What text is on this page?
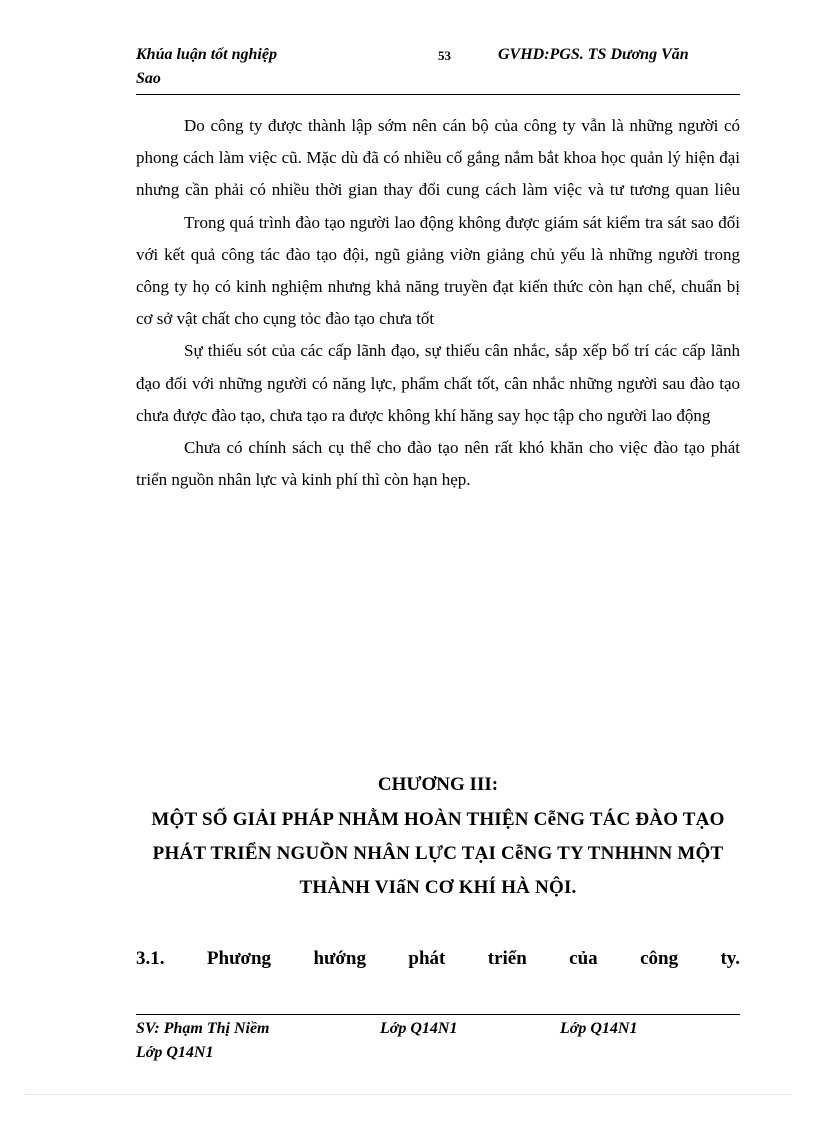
Khúa luận tốt nghiệp	53	GVHD:PGS. TS Dương Văn
Sao

Do công ty được thành lập sớm nên cán bộ của công ty vẫn là những người có phong cách làm việc cũ. Mặc dù đã có nhiều cố gắng nắm bắt khoa học quản lý hiện đại nhưng cần phải có nhiều thời gian thay đổi cung cách làm việc và tư tương quan liêu

Trong quá trình đào tạo người lao động không được giám sát kiểm tra sát sao đối với kết quả công tác đào tạo đội, ngũ giảng viờn giảng chủ yếu là những người trong công ty họ có kinh nghiệm nhưng khả năng truyền đạt kiến thức còn hạn chế, chuẩn bị cơ sở vật chất cho cụng tỏc đào tạo chưa tốt

Sự thiếu sót của các cấp lãnh đạo, sự thiếu cân nhắc, sắp xếp bố trí các cấp lãnh đạo đối với những người có năng lực, phẩm chất tốt, cân nhắc những người sau đào tạo chưa được đào tạo, chưa tạo ra được không khí hăng say học tập cho người lao động

Chưa có chính sách cụ thể cho đào tạo nên rất khó khăn cho việc đào tạo phát triển nguồn nhân lực và kinh phí thì còn hạn hẹp.

CHƯƠNG III:
MỘT SỐ GIẢI PHÁP NHẰM HOÀN THIỆN CễNG TÁC ĐÀO TẠO PHÁT TRIỂN NGUỒN NHÂN LỰC TẠI CễNG TY TNHHNN MỘT THÀNH VIấN CƠ KHÍ HÀ NỘI.
3.1. Phương hướng phát triển của công ty.
SV: Phạm Thị Niềm	Lớp Q14N1	Lớp Q14N1
Lớp Q14N1
